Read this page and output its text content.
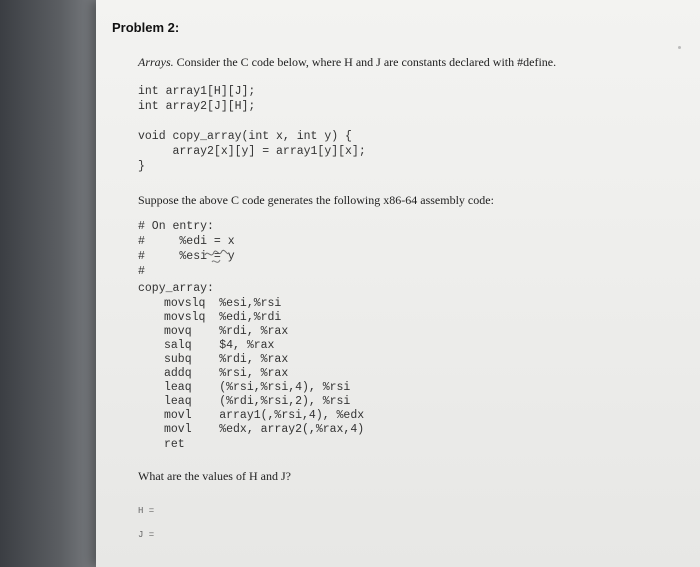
Problem 2:
Arrays. Consider the C code below, where H and J are constants declared with #define.
int array1[H][J];
int array2[J][H];
void copy_array(int x, int y) {
array2[x][y] = array1[y][x];
}
Suppose the above C code generates the following x86-64 assembly code:
# On entry:
#     %edi = x
#     %esi = y
#
copy_array:
movslq  %esi,%rsi
movslq  %edi,%rdi
movq    %rdi, %rax
salq    $4, %rax
subq    %rdi, %rax
addq    %rsi, %rax
leaq    (%rsi,%rsi,4), %rsi
leaq    (%rdi,%rsi,2), %rsi
movl    array1(,%rsi,4), %edx
movl    %edx, array2(,%rax,4)
ret
What are the values of H and J?
H =
J =
